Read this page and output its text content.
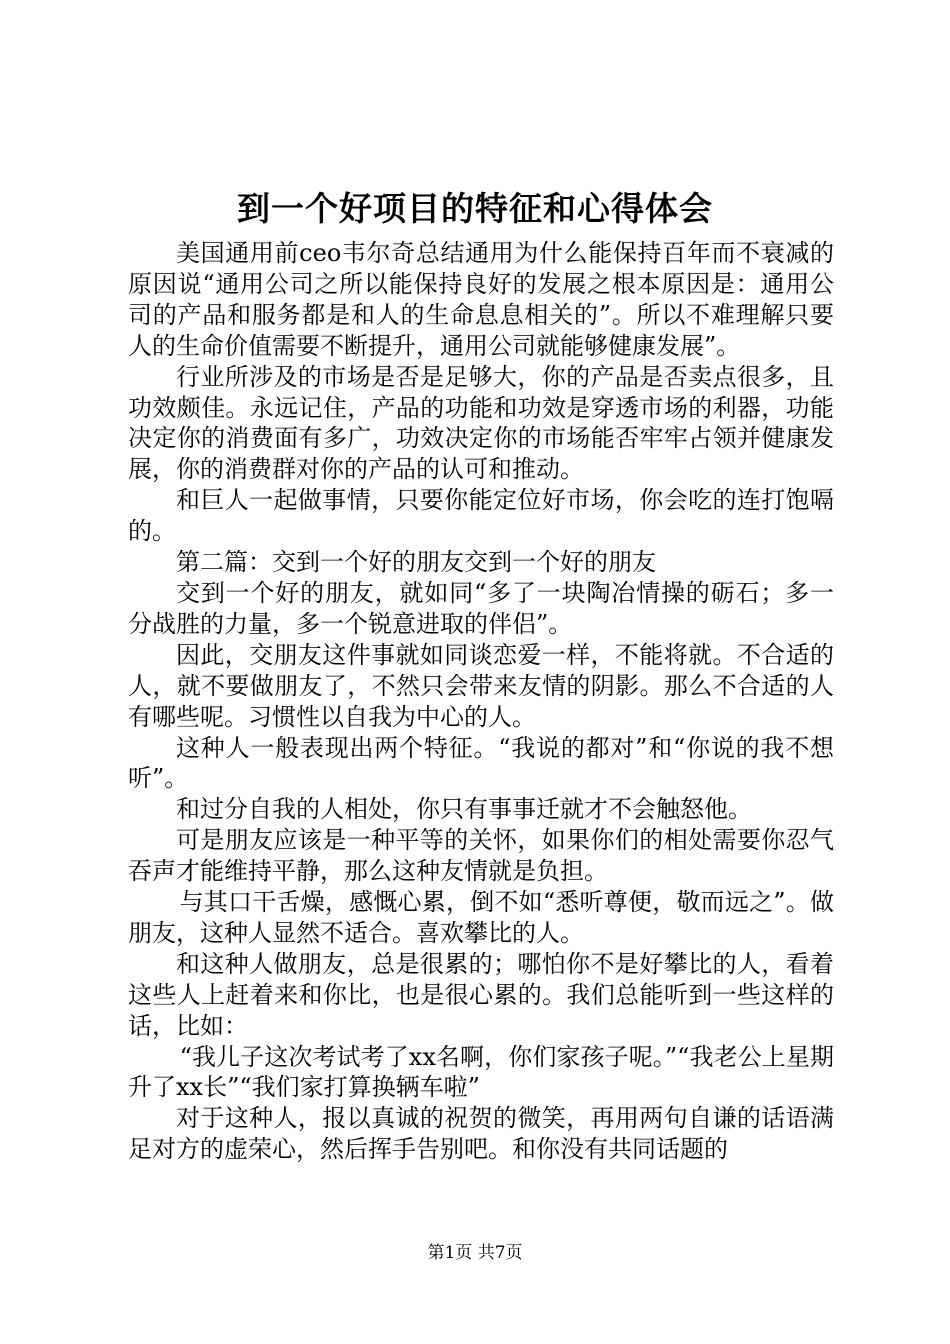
到一个好项目的特征和心得体会

美国通用前ceo韦尔奇总结通用为什么能保持百年而不衰减的原因说“通用公司之所以能保持良好的发展之根本原因是：通用公司的产品和服务都是和人的生命息息相关的”。所以不难理解只要人的生命价值需要不断提升，通用公司就能够健康发展”。

行业所涉及的市场是否是足够大，你的产品是否卖点很多，且功效颇佳。永远记住，产品的功能和功效是穿透市场的利器，功能决定你的消费面有多广，功效决定你的市场能否牢牢占领并健康发展，你的消费群对你的产品的认可和推动。

和巨人一起做事情，只要你能定位好市场，你会吃的连打饱嗝的。

第二篇：交到一个好的朋友交到一个好的朋友

交到一个好的朋友，就如同“多了一块陶冶情操的砺石；多一分战胜的力量，多一个锐意进取的伴侣”。

因此，交朋友这件事就如同谈恋爱一样，不能将就。不合适的人，就不要做朋友了，不然只会带来友情的阴影。那么不合适的人有哪些呢。习惯性以自我为中心的人。

这种人一般表现出两个特征。“我说的都对”和“你说的我不想听”。

和过分自我的人相处，你只有事事迁就才不会触怒他。

可是朋友应该是一种平等的关怀，如果你们的相处需要你忍气吞声才能维持平静，那么这种友情就是负担。

与其口干舌燥，感慨心累，倒不如“悉听尊便，敬而远之”。做朋友，这种人显然不适合。喜欢攀比的人。

和这种人做朋友，总是很累的；哪怕你不是好攀比的人，看着这些人上赶着来和你比，也是很心累的。我们总能听到一些这样的话，比如：

“我儿子这次考试考了xx名啊，你们家孩子呢。”“我老公上星期升了xx长”“我们家打算换辆车啦”

对于这种人，报以真诚的祝贺的微笑，再用两句自谦的话语满足对方的虚荣心，然后挥手告别吧。和你没有共同话题的

第1页 共7页
